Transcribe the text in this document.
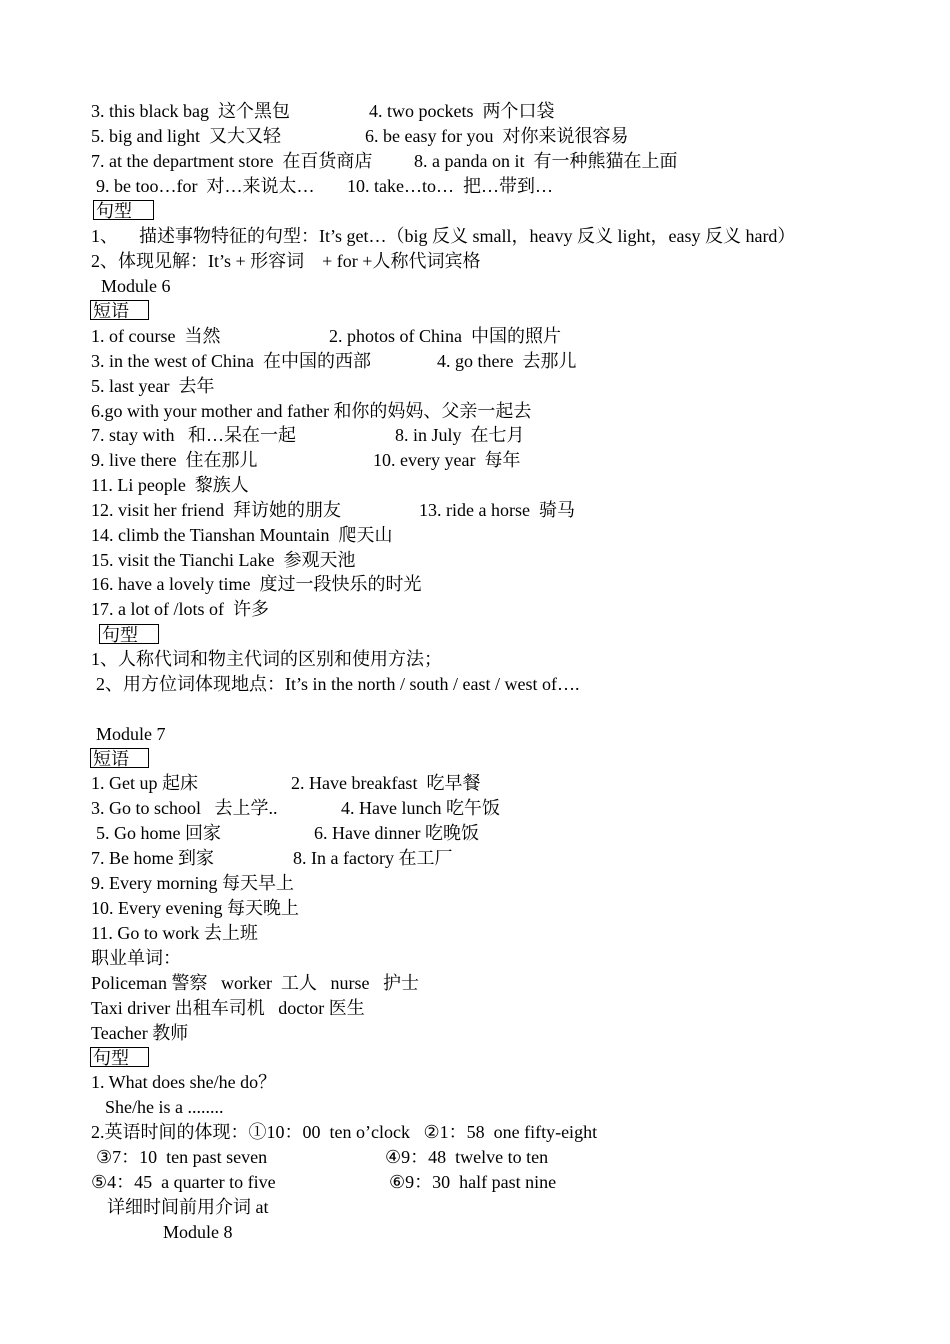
3. this black bag  这个黑包	4. two pockets  两个口袋
5. big and light  又大又轻	6. be easy for you  对你来说很容易
7. at the department store  在百货商店 8. a panda on it  有一种熊猫在上面
9. be too…for  对…来说太… 10. take…to…  把…带到…
句型
1、 描述事物特征的句型：It’s get…（big 反义 small，heavy 反义 light，easy 反义 hard）
2、体现见解：It’s + 形容词    + for +人称代词宾格
Module 6
短语
1. of course  当然	2. photos of China  中国的照片
3. in the west of China  在中国的西部	4. go there  去那儿
5. last year  去年
6.go with your mother and father 和你的妈妈、父亲一起去
7. stay with   和…呆在一起	8. in July  在七月
9. live there  住在那儿	10. every year  每年
11. Li people  黎族人
12. visit her friend  拜访她的朋友	13. ride a horse  骑马
14. climb the Tianshan Mountain  爬天山
15. visit the Tianchi Lake  参观天池
16. have a lovely time  度过一段快乐的时光
17. a lot of /lots of  许多
句型
1、人称代词和物主代词的区别和使用方法；
2、用方位词体现地点：It’s in the north / south / east / west of….
Module 7
短语
1. Get up 起床	2. Have breakfast  吃早餐
3. Go to school   去上学..	4. Have lunch 吃午饭
5. Go home 回家	6. Have dinner 吃晚饭
7. Be home 到家	8. In a factory 在工厂
9. Every morning 每天早上
10. Every evening 每天晚上
11. Go to work 去上班
职业单词：
Policeman 警察   worker  工人   nurse   护士
Taxi driver 出租车司机   doctor 医生
Teacher 教师
句型
1. What does she/he do？
She/he is a ........
2.英语时间的体现：①10：00  ten o’clock   ②1：58  one fifty-eight
③7：10  ten past seven	④9：48  twelve to ten
⑤4：45  a quarter to five	⑥9：30  half past nine
详细时间前用介词 at
Module 8
